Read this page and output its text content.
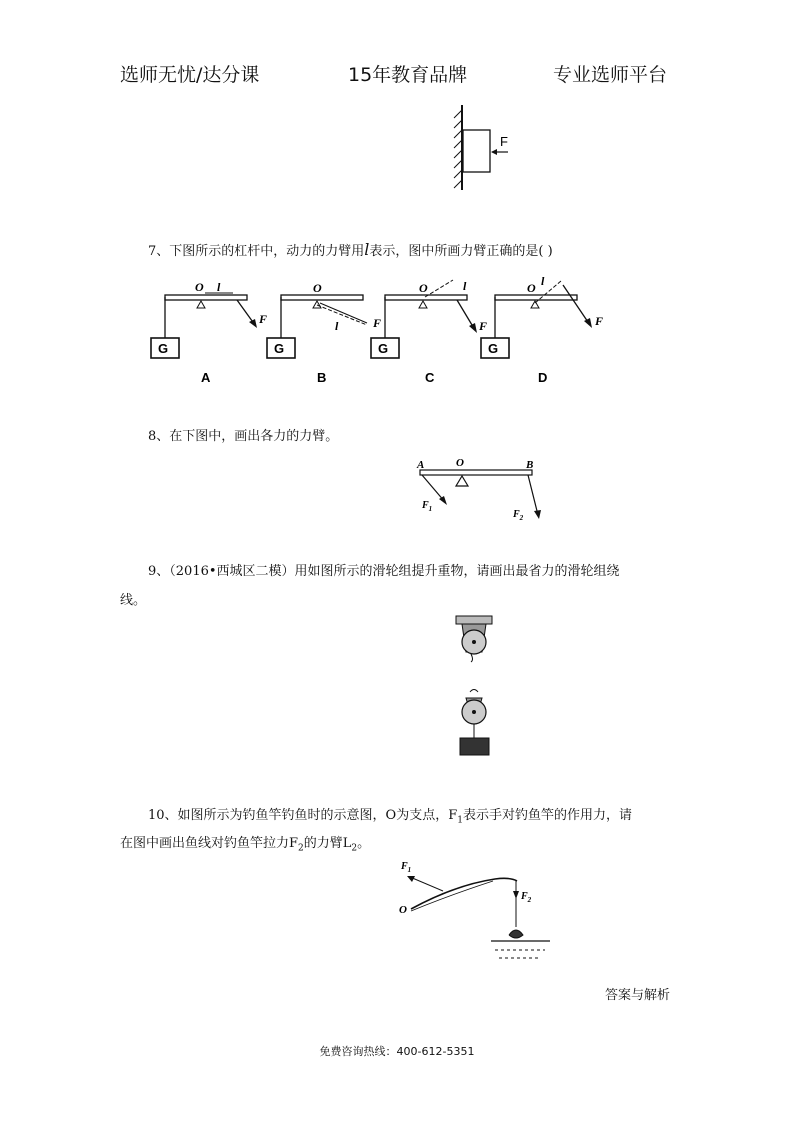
选师无忧/达分课	15年教育品牌	专业选师平台
F
7、下图所示的杠杆中，动力的力臂用l表示，图中所画力臂正确的是( )
G
O l
F
A
G
O
l	F
B
G
O	l
F
C
G
O l
F
D
8、在下图中，画出各力的力臂。
A	O	B
$F_1$	$F_2$
9、（2016•西城区二模）用如图所示的滑轮组提升重物，请画出最省力的滑轮组绕
线。
10、如图所示为钓鱼竿钓鱼时的示意图，O为支点，$F_1$表示手对钓鱼竿的作用力，请
在图中画出鱼线对钓鱼竿拉力$F_2$的力臂$L_2$。
$F_1$
O
$F_2$
答案与解析
免费咨询热线：400-612-5351
